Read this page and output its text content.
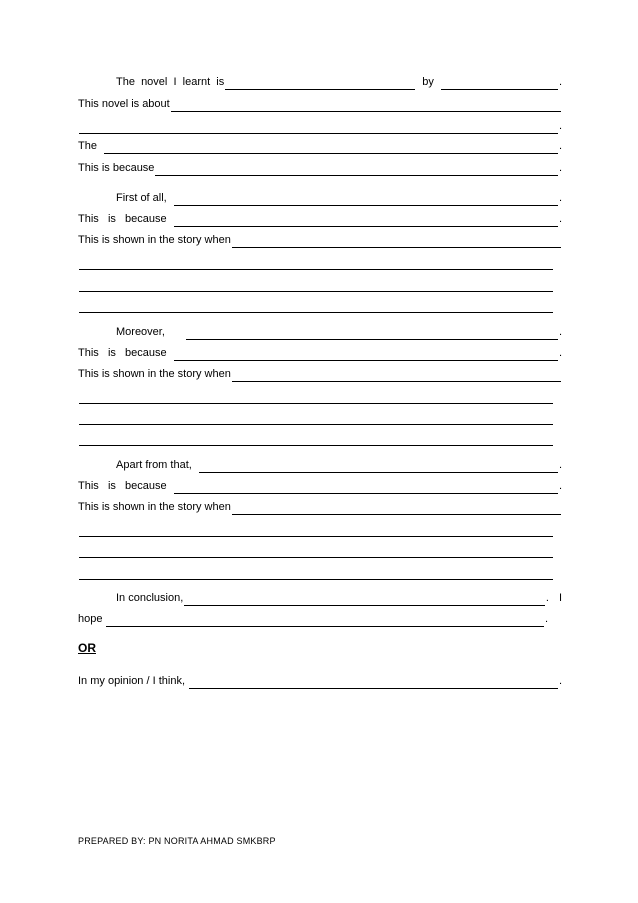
The  novel  I  learnt  is	by	.
This novel is about
.
The	.
This is because	.
First of all,	.
This   is   because	.
This is shown in the story when
Moreover,	.
This   is   because	.
This is shown in the story when
Apart from that,	.
This   is   because	.
This is shown in the story when
In conclusion,	. I
hope	.
OR
In my opinion / I think,	.
PREPARED BY: PN NORITA AHMAD SMKBRP
